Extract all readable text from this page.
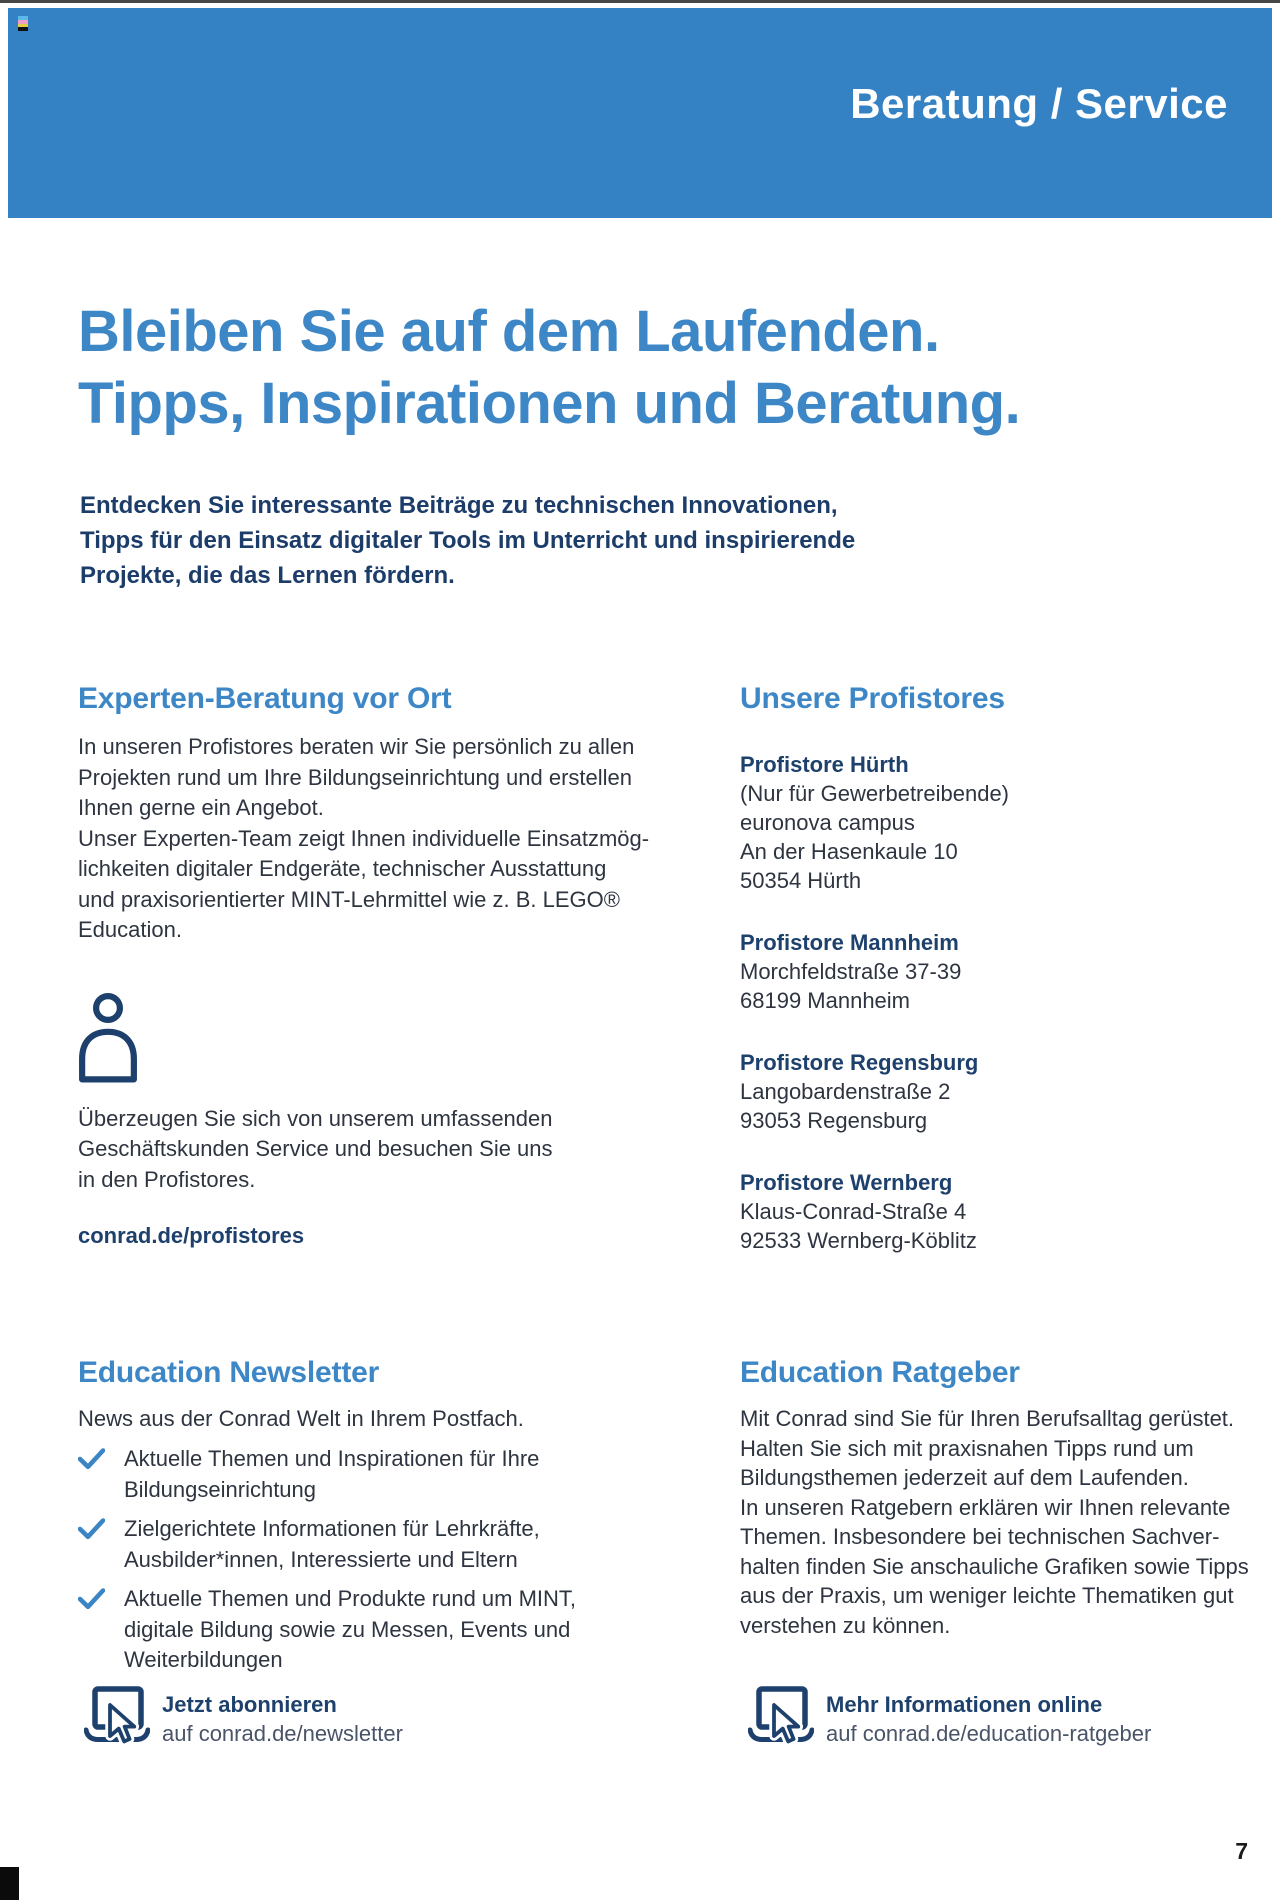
Beratung / Service
Bleiben Sie auf dem Laufenden.
Tipps, Inspirationen und Beratung.
Entdecken Sie interessante Beiträge zu technischen Innovationen,
Tipps für den Einsatz digitaler Tools im Unterricht und inspirierende
Projekte, die das Lernen fördern.
Experten-Beratung vor Ort
In unseren Profistores beraten wir Sie persönlich zu allen
Projekten rund um Ihre Bildungseinrichtung und erstellen
Ihnen gerne ein Angebot.
Unser Experten-Team zeigt Ihnen individuelle Einsatzmög-
lichkeiten digitaler Endgeräte, technischer Ausstattung
und praxisorientierter MINT-Lehrmittel wie z. B. LEGO®
Education.
Überzeugen Sie sich von unserem umfassenden
Geschäftskunden Service und besuchen Sie uns
in den Profistores.
conrad.de/profistores
Unsere Profistores
Profistore Hürth
(Nur für Gewerbetreibende)
euronova campus
An der Hasenkaule 10
50354 Hürth
Profistore Mannheim
Morchfeldstraße 37-39
68199 Mannheim
Profistore Regensburg
Langobardenstraße 2
93053 Regensburg
Profistore Wernberg
Klaus-Conrad-Straße 4
92533 Wernberg-Köblitz
Education Newsletter
News aus der Conrad Welt in Ihrem Postfach.
Aktuelle Themen und Inspirationen für Ihre
Bildungseinrichtung
Zielgerichtete Informationen für Lehrkräfte,
Ausbilder*innen, Interessierte und Eltern
Aktuelle Themen und Produkte rund um MINT,
digitale Bildung sowie zu Messen, Events und
Weiterbildungen
Education Ratgeber
Mit Conrad sind Sie für Ihren Berufsalltag gerüstet.
Halten Sie sich mit praxisnahen Tipps rund um
Bildungsthemen jederzeit auf dem Laufenden.
In unseren Ratgebern erklären wir Ihnen relevante
Themen. Insbesondere bei technischen Sachver-
halten finden Sie anschauliche Grafiken sowie Tipps
aus der Praxis, um weniger leichte Thematiken gut
verstehen zu können.
Jetzt abonnieren
auf conrad.de/newsletter
Mehr Informationen online
auf conrad.de/education-ratgeber
7
